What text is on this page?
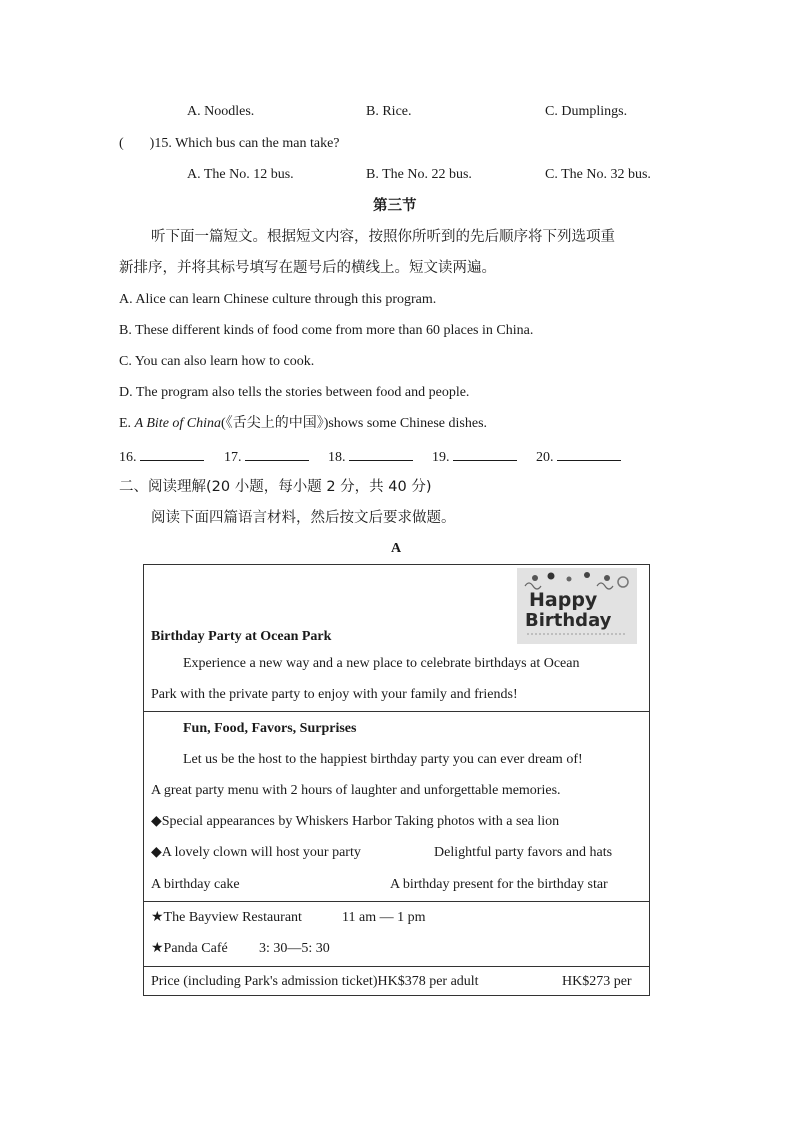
A. Noodles.	B. Rice.	C. Dumplings.
( )15. Which bus can the man take?
A. The No. 12 bus.	B. The No. 22 bus.	C. The No. 32 bus.
第三节
听下面一篇短文。根据短文内容，按照你所听到的先后顺序将下列选项重
新排序，并将其标号填写在题号后的横线上。短文读两遍。
A. Alice can learn Chinese culture through this program.
B. These different kinds of food come from more than 60 places in China.
C. You can also learn how to cook.
D. The program also tells the stories between food and people.
E. A Bite of China(《舌尖上的中国》)shows some Chinese dishes.
16.	17.	18.	19.	20.
二、阅读理解(20 小题，每小题 2 分，共 40 分)
阅读下面四篇语言材料，然后按文后要求做题。
A
Happy
Birthday
Birthday Party at Ocean Park
Experience a new way and a new place to celebrate birthdays at Ocean
Park with the private party to enjoy with your family and friends!
Fun, Food, Favors, Surprises
Let us be the host to the happiest birthday party you can ever dream of!
A great party menu with 2 hours of laughter and unforgettable memories.
◆Special appearances by Whiskers Harbor Taking photos with a sea lion
◆A lovely clown will host your party	Delightful party favors and hats
A birthday cake	A birthday present for the birthday star
★The Bayview Restaurant	11 am — 1 pm
★Panda Café 3: 30—5: 30
Price (including Park's admission ticket)HK$378 per adult	HK$273 per
